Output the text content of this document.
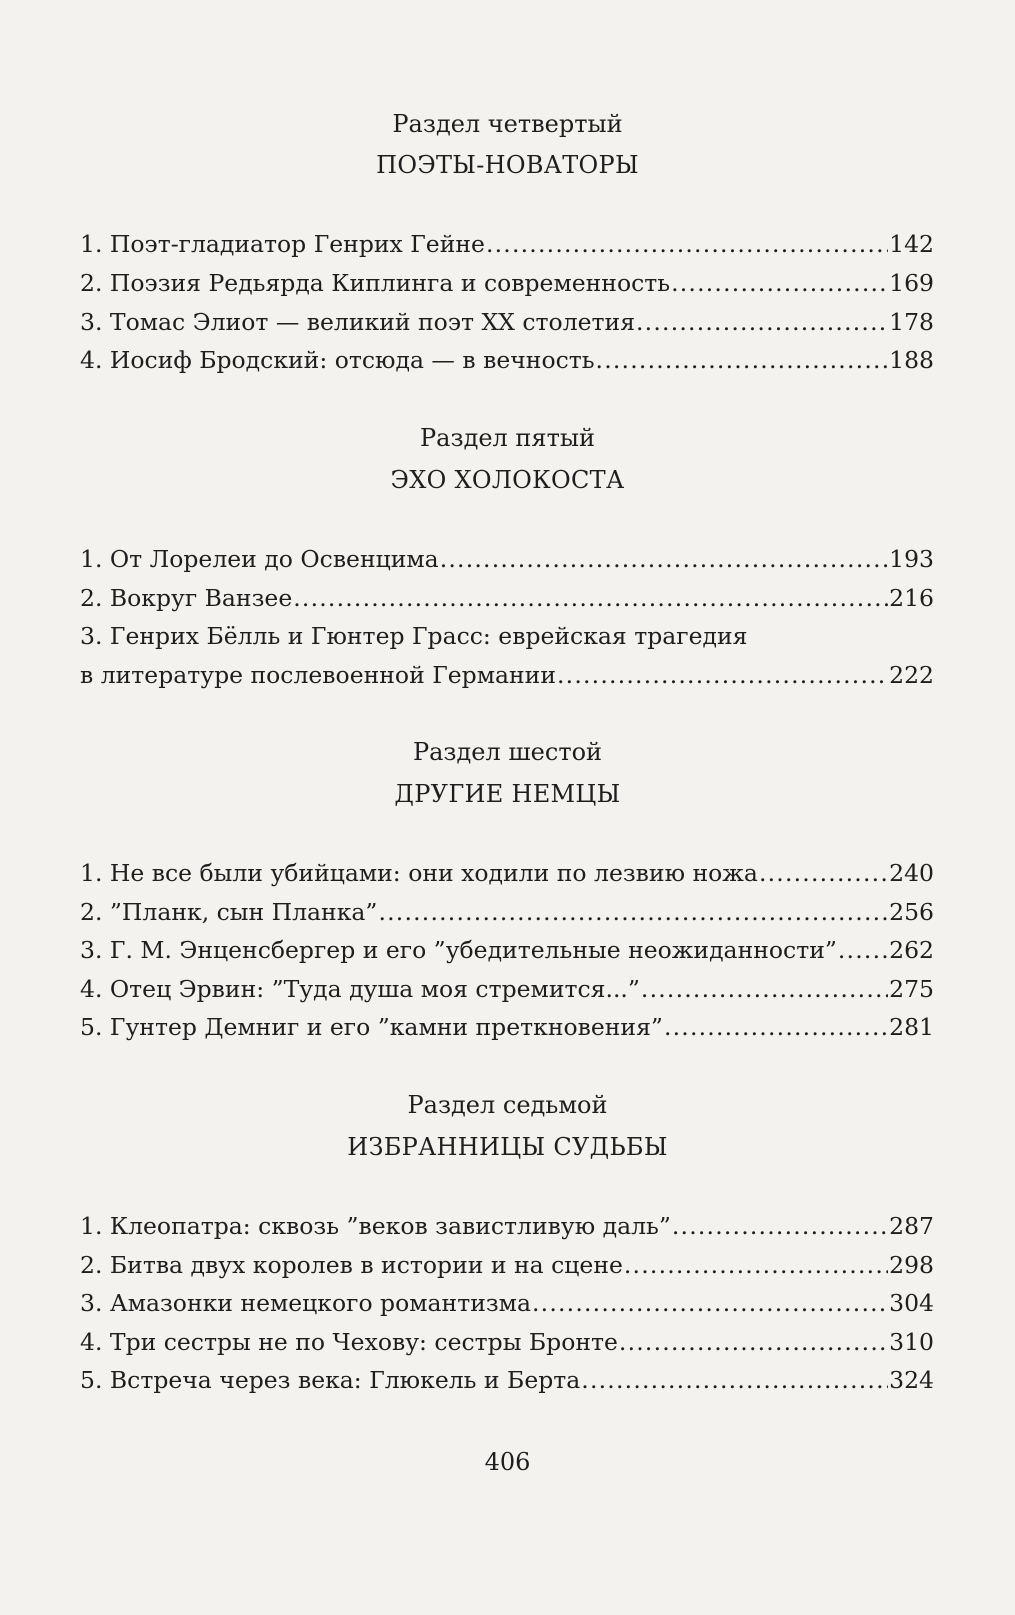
Раздел четвертый
ПОЭТЫ-НОВАТОРЫ
1. Поэт-гладиатор Генрих Гейне .....	142
2. Поэзия Редьярда Киплинга и современность .....	169
3. Томас Элиот — великий поэт XX столетия .....	178
4. Иосиф Бродский: отсюда — в вечность .....	188
Раздел пятый
ЭХО ХОЛОКОСТА
1. От Лорелеи до Освенцима .....	193
2. Вокруг Ванзее .....	216
3. Генрих Бёлль и Гюнтер Грасс: еврейская трагедия
в литературе послевоенной Германии .....	222
Раздел шестой
ДРУГИЕ НЕМЦЫ
1. Не все были убийцами: они ходили по лезвию ножа .....	240
2. ”Планк, сын Планка” .....	256
3. Г. М. Энценсбергер и его ”убедительные неожиданности” ..... 262
4. Отец Эрвин: ”Туда душа моя стремится...” .....	275
5. Гунтер Демниг и его ”камни преткновения” .....	281
Раздел седьмой
ИЗБРАННИЦЫ СУДЬБЫ
1. Клеопатра: сквозь ”веков завистливую даль” .....	287
2. Битва двух королев в истории и на сцене .....	298
3. Амазонки немецкого романтизма .....	304
4. Три сестры не по Чехову: сестры Бронте .....	310
5. Встреча через века: Глюкель и Берта .....	324
406
